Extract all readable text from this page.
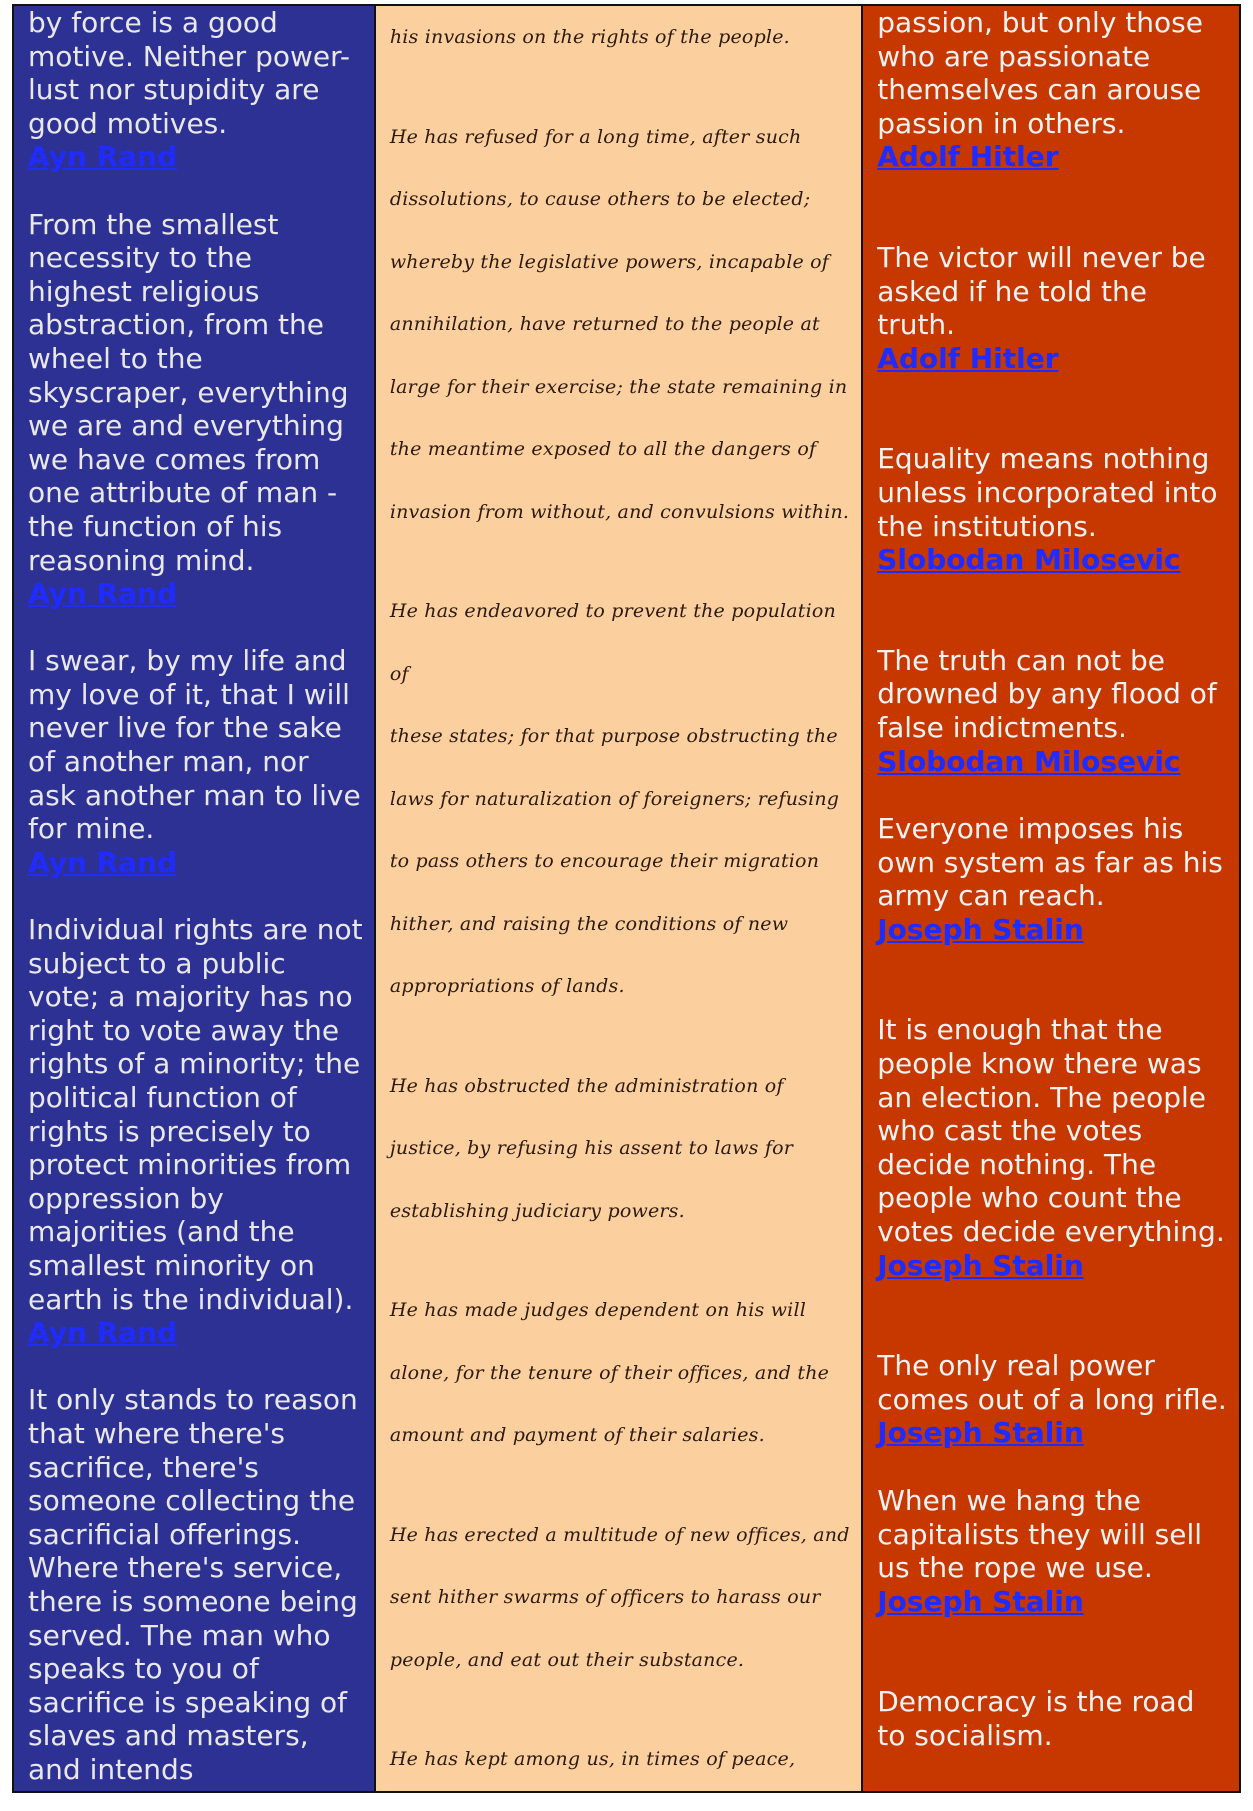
by force is a good motive. Neither power-lust nor stupidity are good motives.
Ayn Rand

From the smallest necessity to the highest religious abstraction, from the wheel to the skyscraper, everything we are and everything we have comes from one attribute of man - the function of his reasoning mind.
Ayn Rand

I swear, by my life and my love of it, that I will never live for the sake of another man, nor ask another man to live for mine.
Ayn Rand

Individual rights are not subject to a public vote; a majority has no right to vote away the rights of a minority; the political function of rights is precisely to protect minorities from oppression by majorities (and the smallest minority on earth is the individual).
Ayn Rand

It only stands to reason that where there's sacrifice, there's someone collecting the sacrificial offerings. Where there's service, there is someone being served. The man who speaks to you of sacrifice is speaking of slaves and masters, and intends

his invasions on the rights of the people.

He has refused for a long time, after such

dissolutions, to cause others to be elected;

whereby the legislative powers, incapable of

annihilation, have returned to the people at

large for their exercise; the state remaining in

the meantime exposed to all the dangers of

invasion from without, and convulsions within.

He has endeavored to prevent the population of

these states; for that purpose obstructing the

laws for naturalization of foreigners; refusing

to pass others to encourage their migration

hither, and raising the conditions of new

appropriations of lands.

He has obstructed the administration of

justice, by refusing his assent to laws for

establishing judiciary powers.

He has made judges dependent on his will

alone, for the tenure of their offices, and the

amount and payment of their salaries.

He has erected a multitude of new offices, and

sent hither swarms of officers to harass our

people, and eat out their substance.

He has kept among us, in times of peace,

passion, but only those who are passionate themselves can arouse passion in others.
Adolf Hitler

The victor will never be asked if he told the truth.
Adolf Hitler

Equality means nothing unless incorporated into the institutions.
Slobodan Milosevic

The truth can not be drowned by any flood of false indictments.
Slobodan Milosevic

Everyone imposes his own system as far as his army can reach.
Joseph Stalin

It is enough that the people know there was an election. The people who cast the votes decide nothing. The people who count the votes decide everything.
Joseph Stalin

The only real power comes out of a long rifle.
Joseph Stalin

When we hang the capitalists they will sell us the rope we use.
Joseph Stalin

Democracy is the road to socialism.
